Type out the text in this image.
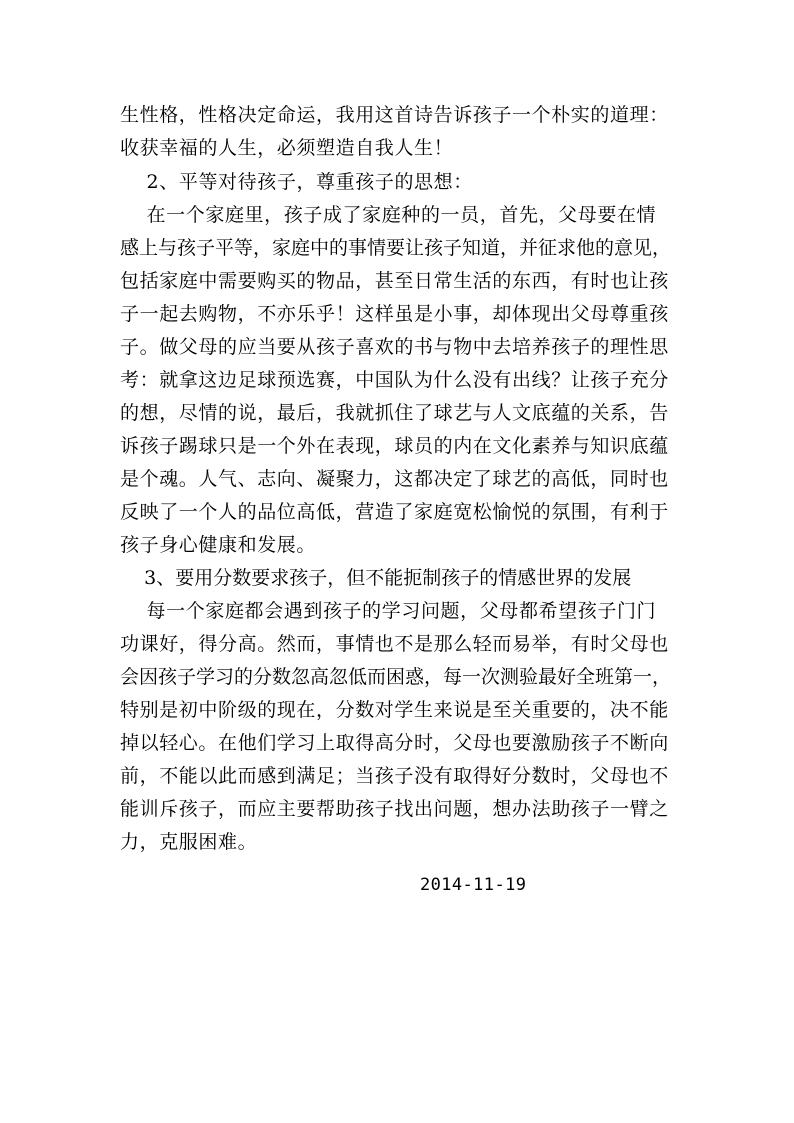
生性格，性格决定命运，我用这首诗告诉孩子一个朴实的道理：
收获幸福的人生，必须塑造自我人生！
2、平等对待孩子，尊重孩子的思想：
在一个家庭里，孩子成了家庭种的一员，首先，父母要在情
感上与孩子平等，家庭中的事情要让孩子知道，并征求他的意见，
包括家庭中需要购买的物品，甚至日常生活的东西，有时也让孩
子一起去购物，不亦乐乎！这样虽是小事，却体现出父母尊重孩
子。做父母的应当要从孩子喜欢的书与物中去培养孩子的理性思
考：就拿这边足球预选赛，中国队为什么没有出线？让孩子充分
的想，尽情的说，最后，我就抓住了球艺与人文底蕴的关系，告
诉孩子踢球只是一个外在表现，球员的内在文化素养与知识底蕴
是个魂。人气、志向、凝聚力，这都决定了球艺的高低，同时也
反映了一个人的品位高低，营造了家庭宽松愉悦的氛围，有利于
孩子身心健康和发展。
3、要用分数要求孩子，但不能扼制孩子的情感世界的发展
每一个家庭都会遇到孩子的学习问题，父母都希望孩子门门
功课好，得分高。然而，事情也不是那么轻而易举，有时父母也
会因孩子学习的分数忽高忽低而困惑，每一次测验最好全班第一，
特别是初中阶级的现在，分数对学生来说是至关重要的，决不能
掉以轻心。在他们学习上取得高分时，父母也要激励孩子不断向
前，不能以此而感到满足；当孩子没有取得好分数时，父母也不
能训斥孩子，而应主要帮助孩子找出问题，想办法助孩子一臂之
力，克服困难。
2014-11-19
